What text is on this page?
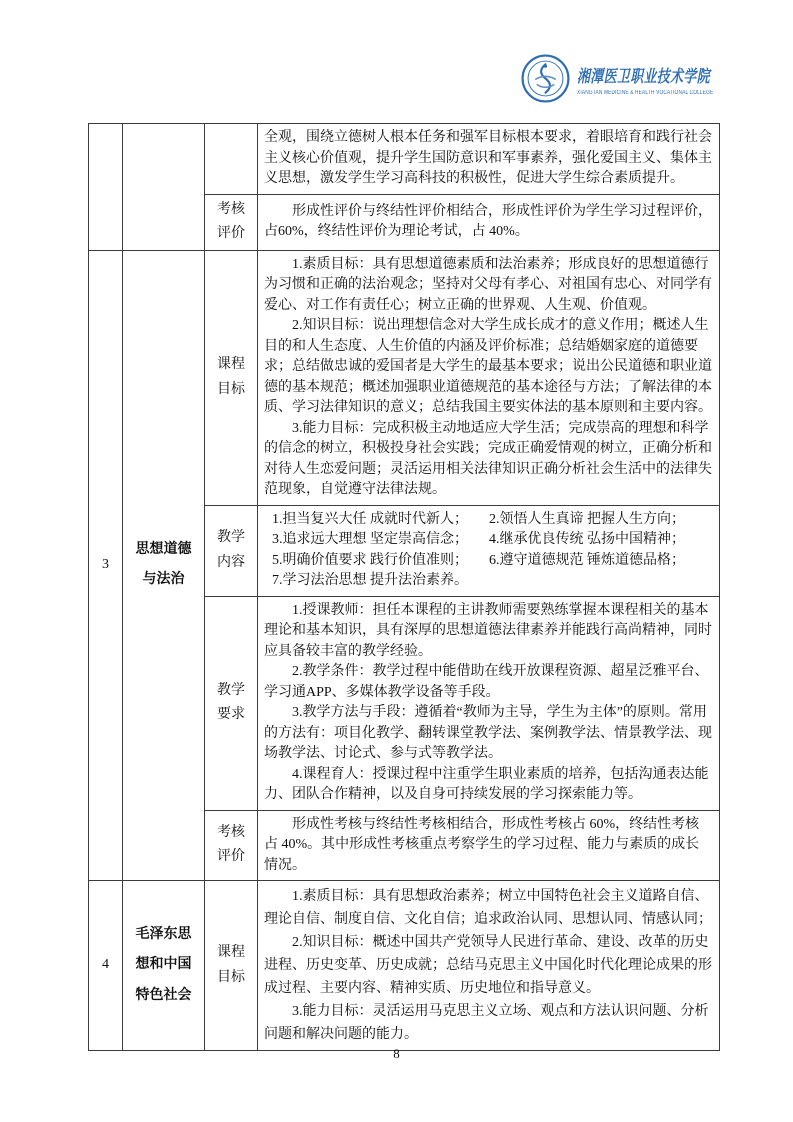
湘潭医卫职业技术学院
XIANGTAN MEDICINE & HEALTH VOCATIONAL COLLEGE

			全观，围绕立德树人根本任务和强军目标根本要求，着眼培育和践行社会主义核心价值观，提升学生国防意识和军事素养，强化爱国主义、集体主义思想，激发学生学习高科技的积极性，促进大学生综合素质提升。

		考核评价	形成性评价与终结性评价相结合，形成性评价为学生学习过程评价，占60%，终结性评价为理论考试，占 40%。

3	思想道德与法治	课程目标	1.素质目标：具有思想道德素质和法治素养；形成良好的思想道德行为习惯和正确的法治观念；坚持对父母有孝心、对祖国有忠心、对同学有爱心、对工作有责任心；树立正确的世界观、人生观、价值观。

2.知识目标：说出理想信念对大学生成长成才的意义作用；概述人生目的和人生态度、人生价值的内涵及评价标准；总结婚姻家庭的道德要求；总结做忠诚的爱国者是大学生的最基本要求；说出公民道德和职业道德的基本规范；概述加强职业道德规范的基本途径与方法；了解法律的本质、学习法律知识的意义；总结我国主要实体法的基本原则和主要内容。

3.能力目标：完成积极主动地适应大学生活；完成崇高的理想和科学的信念的树立，积极投身社会实践；完成正确爱情观的树立，正确分析和对待人生恋爱问题；灵活运用相关法律知识正确分析社会生活中的法律失范现象，自觉遵守法律法规。

		教学内容	1.担当复兴大任 成就时代新人；　　2.领悟人生真谛 把握人生方向；

3.追求远大理想 坚定崇高信念；　　4.继承优良传统 弘扬中国精神；

5.明确价值要求 践行价值准则；　　6.遵守道德规范 锤炼道德品格；

7.学习法治思想 提升法治素养。

		教学要求	1.授课教师：担任本课程的主讲教师需要熟练掌握本课程相关的基本理论和基本知识，具有深厚的思想道德法律素养并能践行高尚精神，同时应具备较丰富的教学经验。

2.教学条件：教学过程中能借助在线开放课程资源、超星泛雅平台、学习通APP、多媒体教学设备等手段。

3.教学方法与手段：遵循着“教师为主导，学生为主体”的原则。常用的方法有：项目化教学、翻转课堂教学法、案例教学法、情景教学法、现场教学法、讨论式、参与式等教学法。

4.课程育人：授课过程中注重学生职业素质的培养，包括沟通表达能力、团队合作精神，以及自身可持续发展的学习探索能力等。

		考核评价	形成性考核与终结性考核相结合，形成性考核占 60%，终结性考核占 40%。其中形成性考核重点考察学生的学习过程、能力与素质的成长情况。

4	毛泽东思想和中国特色社会	课程目标	1.素质目标：具有思想政治素养；树立中国特色社会主义道路自信、理论自信、制度自信、文化自信；追求政治认同、思想认同、情感认同；

2.知识目标：概述中国共产党领导人民进行革命、建设、改革的历史进程、历史变革、历史成就；总结马克思主义中国化时代化理论成果的形成过程、主要内容、精神实质、历史地位和指导意义。

3.能力目标：灵活运用马克思主义立场、观点和方法认识问题、分析问题和解决问题的能力。

8
